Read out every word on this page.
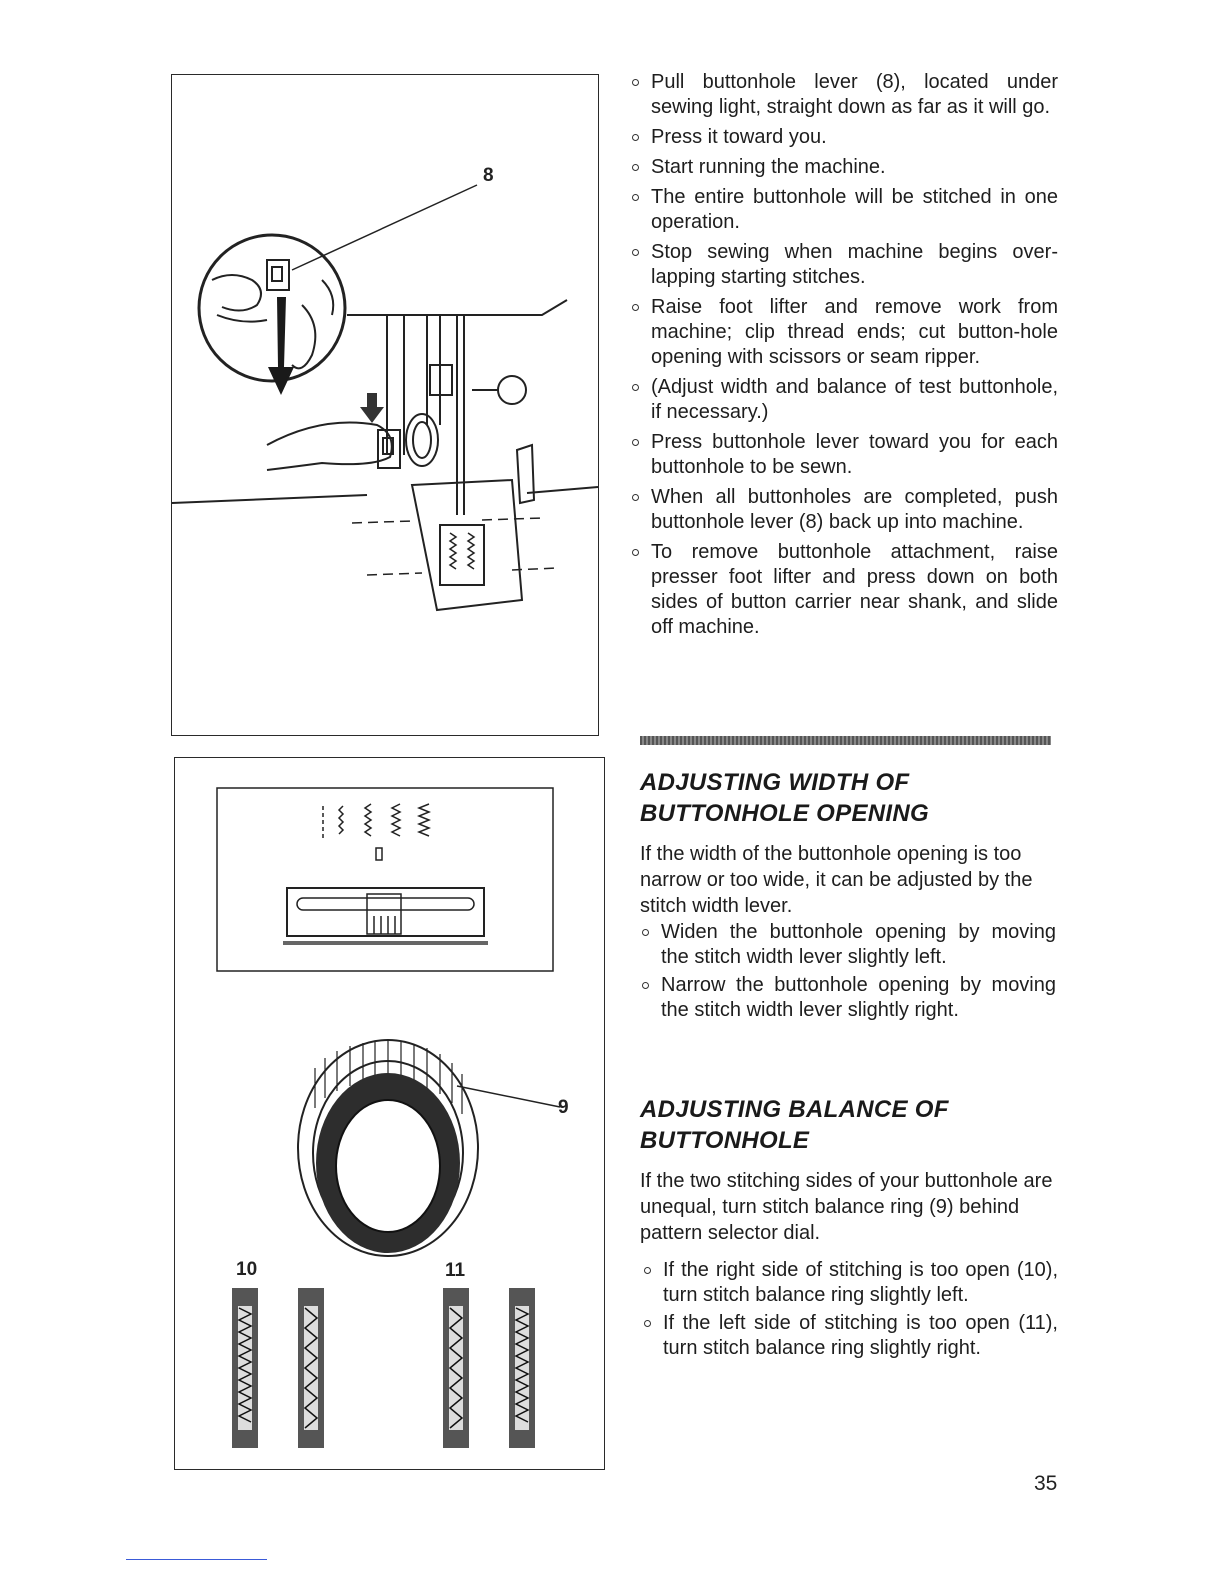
8
9
10	11
Pull buttonhole lever (8), located under sewing light, straight down as far as it will go.
Press it toward you.
Start running the machine.
The entire buttonhole will be stitched in one operation.
Stop sewing when machine begins over-lapping starting stitches.
Raise foot lifter and remove work from machine; clip thread ends; cut button-hole opening with scissors or seam ripper.
(Adjust width and balance of test buttonhole, if necessary.)
Press buttonhole lever toward you for each buttonhole to be sewn.
When all buttonholes are completed, push buttonhole lever (8) back up into machine.
To remove buttonhole attachment, raise presser foot lifter and press down on both sides of button carrier near shank, and slide off machine.
ADJUSTING WIDTH OF
BUTTONHOLE OPENING

If the width of the buttonhole opening is too narrow or too wide, it can be adjusted by the stitch width lever.

Widen the buttonhole opening by moving the stitch width lever slightly left.
Narrow the buttonhole opening by moving the stitch width lever slightly right.
ADJUSTING BALANCE OF
BUTTONHOLE

If the two stitching sides of your buttonhole are unequal, turn stitch balance ring (9) behind pattern selector dial.

If the right side of stitching is too open (10), turn stitch balance ring slightly left.
If the left side of stitching is too open (11), turn stitch balance ring slightly right.
35
